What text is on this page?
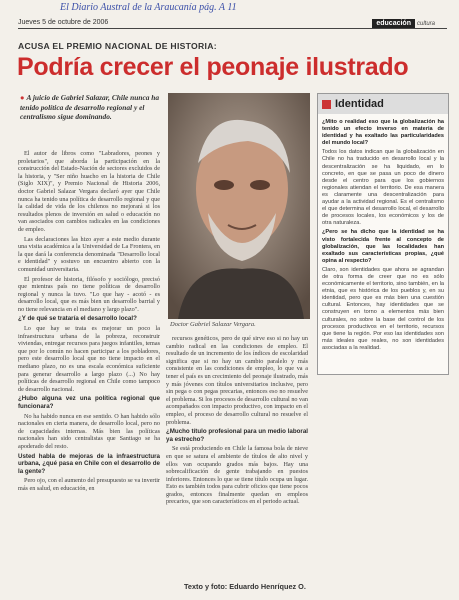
El Diario Austral de la Araucanía pág. A 11
Jueves 5 de octubre de 2006	educación cultura
ACUSA EL PREMIO NACIONAL DE HISTORIA:
Podría crecer el peonaje ilustrado
● A juicio de Gabriel Salazar, Chile nunca ha tenido política de desarrollo regional y el centralismo sigue dominando.

El autor de libros como "Labradores, peones y proletarios", que aborda la participación en la construcción del Estado-Nación de sectores excluidos de la historia, y "Ser niño huacho en la historia de Chile (Siglo XIX)", y Premio Nacional de Historia 2006, doctor Gabriel Salazar Vergara declaró ayer que Chile nunca ha tenido una política de desarrollo regional y que la calidad de vida de los chilenos no mejorará si los resultados plenos de inversión en salud o educación no van asociados con cambios radicales en las condiciones de empleo.

Las declaraciones las hizo ayer a este medio durante una visita académica a la Universidad de La Frontera, en la que dará la conferencia denominada "Desarrollo local e identidad" y sostuvo un encuentro abierto con la comunidad universitaria.

El profesor de historia, filósofo y sociólogo, precisó que mientras país no tiene políticas de desarrollo regional y nunca la tuvo. "Lo que hay - acotó - es desarrollo local, que es más bien un desarrollo barrial y no tiene relevancia en el mediano y largo plazo".

¿Y de qué se trataría el desarrollo local?

Lo que hay se trata es mejorar un poco la infraestructura urbana de la pobreza, reconstruir viviendas, entregar recursos para juegos infantiles, temas que por lo común no hacen participar a los pobladores, pero este desarrollo local que no tiene impacto en el mediano plazo, no es una escala económica suficiente para generar desarrollo a largo plazo (...) No hay políticas de desarrollo regional en Chile como tampoco de desarrollo nacional.

¿Hubo alguna vez una política regional que funcionara?

No ha habido nunca en ese sentido. O han habido sólo nacionales en cierta manera, de desarrollo local, pero no de capacidades internas. Más bien las políticas nacionales han sido centralistas que Santiago se ha apoderado del resto.

Usted habla de mejoras de la infraestructura urbana, ¿qué pasa en Chile con el desarrollo de la gente?

Pero ojo, con el aumento del presupuesto se va invertir más en salud, en educación, en

Doctor Gabriel Salazar Vergara.

recursos genéticos, pero de qué sirve eso si no hay un cambio radical en las condiciones de empleo. El resultado de un incremento de los índices de escolaridad significa que si no hay un cambio paralelo y más consistente en las condiciones de empleo, lo que va a tener el país es un crecimiento del peonaje ilustrado, más y más jóvenes con títulos universitarios inclusive, pero sin pega o con pegas precarias, entonces eso no resuelve el problema. Si los procesos de desarrollo cultural no van acompañados con impacto productivo, con impacto en el empleo, el proceso de desarrollo cultural no resuelve el problema.

¿Mucho título profesional para un medio laboral ya estrecho?

Se está produciendo en Chile la famosa bola de nieve en que se satura el ambiente de títulos de alto nivel y ellos van ocupando grados más bajos. Hay una sobrecalificación de gente trabajando en puestos inferiores. Entonces lo que se tiene título ocupa un lugar. Esto es también todos para cubrir oficios que tiene pocos grados, entonces finalmente quedan en empleos precarios, que son característicos en el periodo actual.

Texto y foto: Eduardo Henríquez O.
Identidad

¿Mito o realidad eso que la globalización ha tenido un efecto inverso en materia de identidad y ha exaltado las particularidades del mundo local?

Todos los datos indican que la globalización en Chile no ha traducido en desarrollo local y la descentralización se ha liquidado, en lo concreto, en que se pasa un poco de dinero desde el centro para que los gobiernos regionales atiendan el territorio. De esa manera es claramente una descentralización para ayudar a la actividad regional. Es el centralismo el que determina el desarrollo local, el desarrollo de procesos locales, los económicos y los de otra naturaleza.

¿Pero se ha dicho que la identidad se ha visto fortalecida frente al concepto de globalización, que las localidades han exaltado sus características propias, ¿qué opina al respecto?

Claro, son identidades que ahora se agrandan de otra forma de creer que no es sólo económicamente el territorio, sino también, en la etnia, que es histórica de los pueblos y, en su identidad, pero que es más bien una cuestión cultural. Entonces, hay identidades que se construyen en torno a elementos más bien culturales, no sobre la base del control de los procesos productivos en el territorio, recursos que tiene la región. Por eso las identidades son más ideales que reales, no son identidades asociadas a la realidad.
